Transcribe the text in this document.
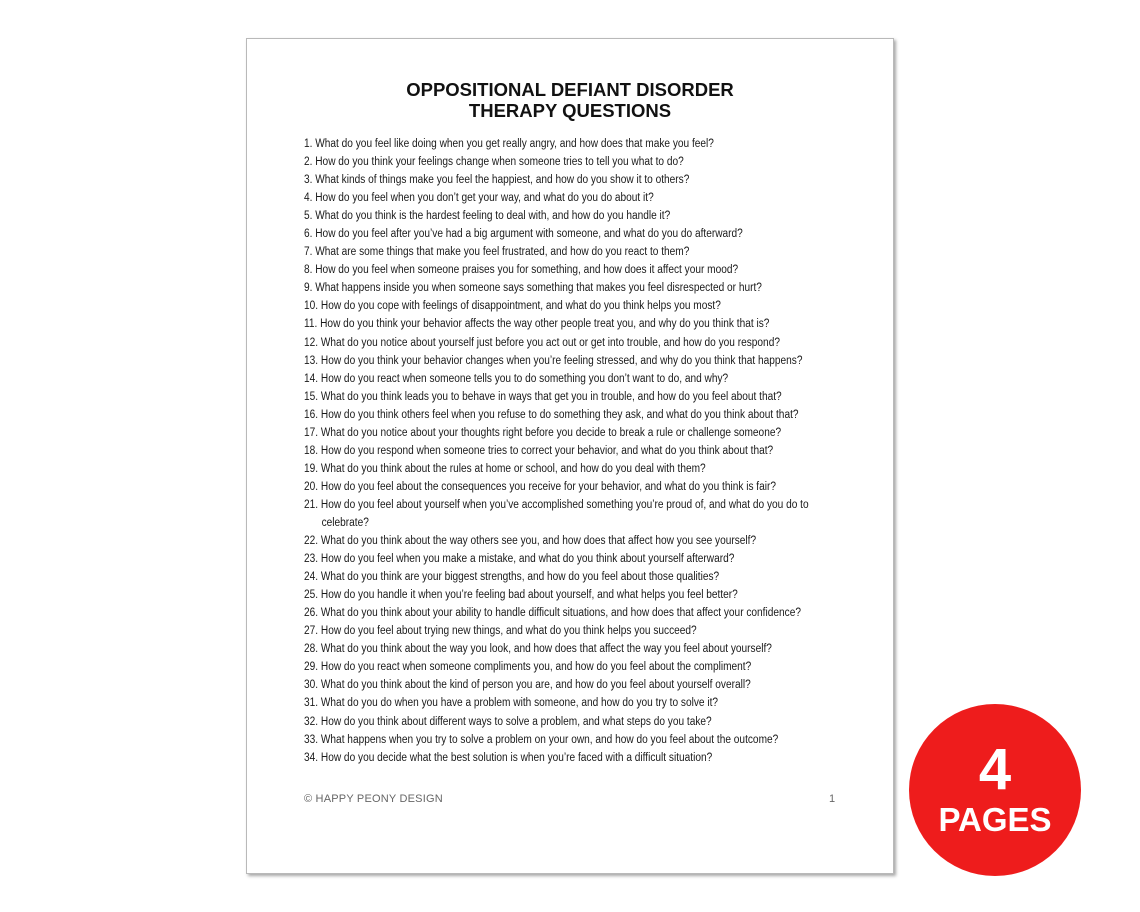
OPPOSITIONAL DEFIANT DISORDER
THERAPY QUESTIONS
1. What do you feel like doing when you get really angry, and how does that make you feel?
2. How do you think your feelings change when someone tries to tell you what to do?
3. What kinds of things make you feel the happiest, and how do you show it to others?
4. How do you feel when you don’t get your way, and what do you do about it?
5. What do you think is the hardest feeling to deal with, and how do you handle it?
6. How do you feel after you’ve had a big argument with someone, and what do you do afterward?
7. What are some things that make you feel frustrated, and how do you react to them?
8. How do you feel when someone praises you for something, and how does it affect your mood?
9. What happens inside you when someone says something that makes you feel disrespected or hurt?
10. How do you cope with feelings of disappointment, and what do you think helps you most?
11. How do you think your behavior affects the way other people treat you, and why do you think that is?
12. What do you notice about yourself just before you act out or get into trouble, and how do you respond?
13. How do you think your behavior changes when you’re feeling stressed, and why do you think that happens?
14. How do you react when someone tells you to do something you don’t want to do, and why?
15. What do you think leads you to behave in ways that get you in trouble, and how do you feel about that?
16. How do you think others feel when you refuse to do something they ask, and what do you think about that?
17. What do you notice about your thoughts right before you decide to break a rule or challenge someone?
18. How do you respond when someone tries to correct your behavior, and what do you think about that?
19. What do you think about the rules at home or school, and how do you deal with them?
20. How do you feel about the consequences you receive for your behavior, and what do you think is fair?
21. How do you feel about yourself when you’ve accomplished something you’re proud of, and what do you do to celebrate?
22. What do you think about the way others see you, and how does that affect how you see yourself?
23. How do you feel when you make a mistake, and what do you think about yourself afterward?
24. What do you think are your biggest strengths, and how do you feel about those qualities?
25. How do you handle it when you’re feeling bad about yourself, and what helps you feel better?
26. What do you think about your ability to handle difficult situations, and how does that affect your confidence?
27. How do you feel about trying new things, and what do you think helps you succeed?
28. What do you think about the way you look, and how does that affect the way you feel about yourself?
29. How do you react when someone compliments you, and how do you feel about the compliment?
30. What do you think about the kind of person you are, and how do you feel about yourself overall?
31. What do you do when you have a problem with someone, and how do you try to solve it?
32. How do you think about different ways to solve a problem, and what steps do you take?
33. What happens when you try to solve a problem on your own, and how do you feel about the outcome?
34. How do you decide what the best solution is when you’re faced with a difficult situation?
© HAPPY PEONY DESIGN	1	4
PAGES
